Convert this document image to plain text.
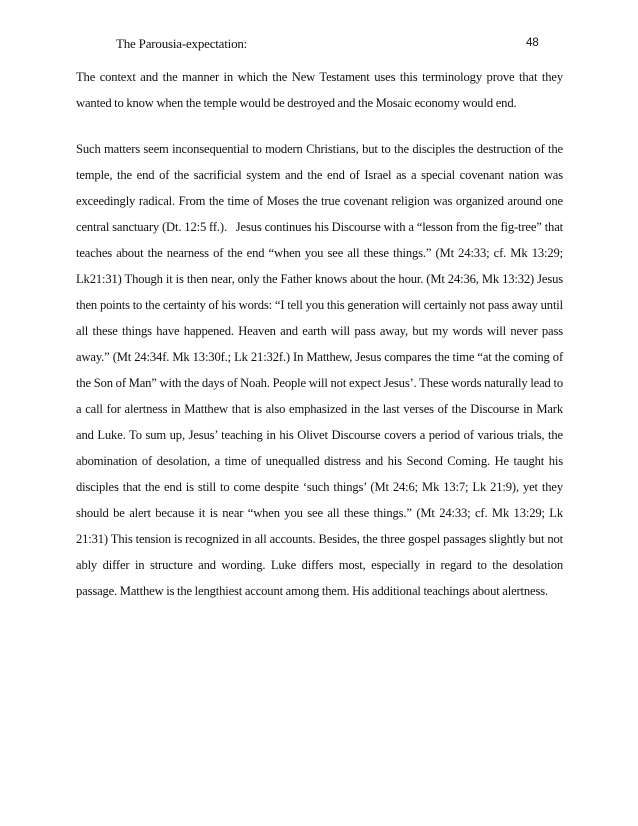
The Parousia-expectation:	48

The context and the manner in which the New Testament uses this terminology prove that they wanted to know when the temple would be destroyed and the Mosaic economy would end.

Such matters seem inconsequential to modern Christians, but to the disciples the destruction of the temple, the end of the sacrificial system and the end of Israel as a special covenant nation was exceedingly radical. From the time of Moses the true covenant religion was organized around one central sanctuary (Dt. 12:5 ff.).   Jesus continues his Discourse with a “lesson from the fig-tree” that teaches about the nearness of the end “when you see all these things.” (Mt 24:33; cf. Mk 13:29; Lk21:31) Though it is then near, only the Father knows about the hour. (Mt 24:36, Mk 13:32) Jesus then points to the certainty of his words: “I tell you this generation will certainly not pass away until all these things have happened. Heaven and earth will pass away, but my words will never pass away.” (Mt 24:34f. Mk 13:30f.; Lk 21:32f.) In Matthew, Jesus compares the time “at the coming of the Son of Man” with the days of Noah. People will not expect Jesus’. These words naturally lead to a call for alertness in Matthew that is also emphasized in the last verses of the Discourse in Mark and Luke. To sum up, Jesus’ teaching in his Olivet Discourse covers a period of various trials, the abomination of desolation, a time of unequalled distress and his Second Coming. He taught his disciples that the end is still to come despite ‘such things’ (Mt 24:6; Mk 13:7; Lk 21:9), yet they should be alert because it is near “when you see all these things.” (Mt 24:33; cf. Mk 13:29; Lk 21:31) This tension is recognized in all accounts. Besides, the three gospel passages slightly but not ably differ in structure and wording. Luke differs most, especially in regard to the desolation passage. Matthew is the lengthiest account among them. His additional teachings about alertness.
